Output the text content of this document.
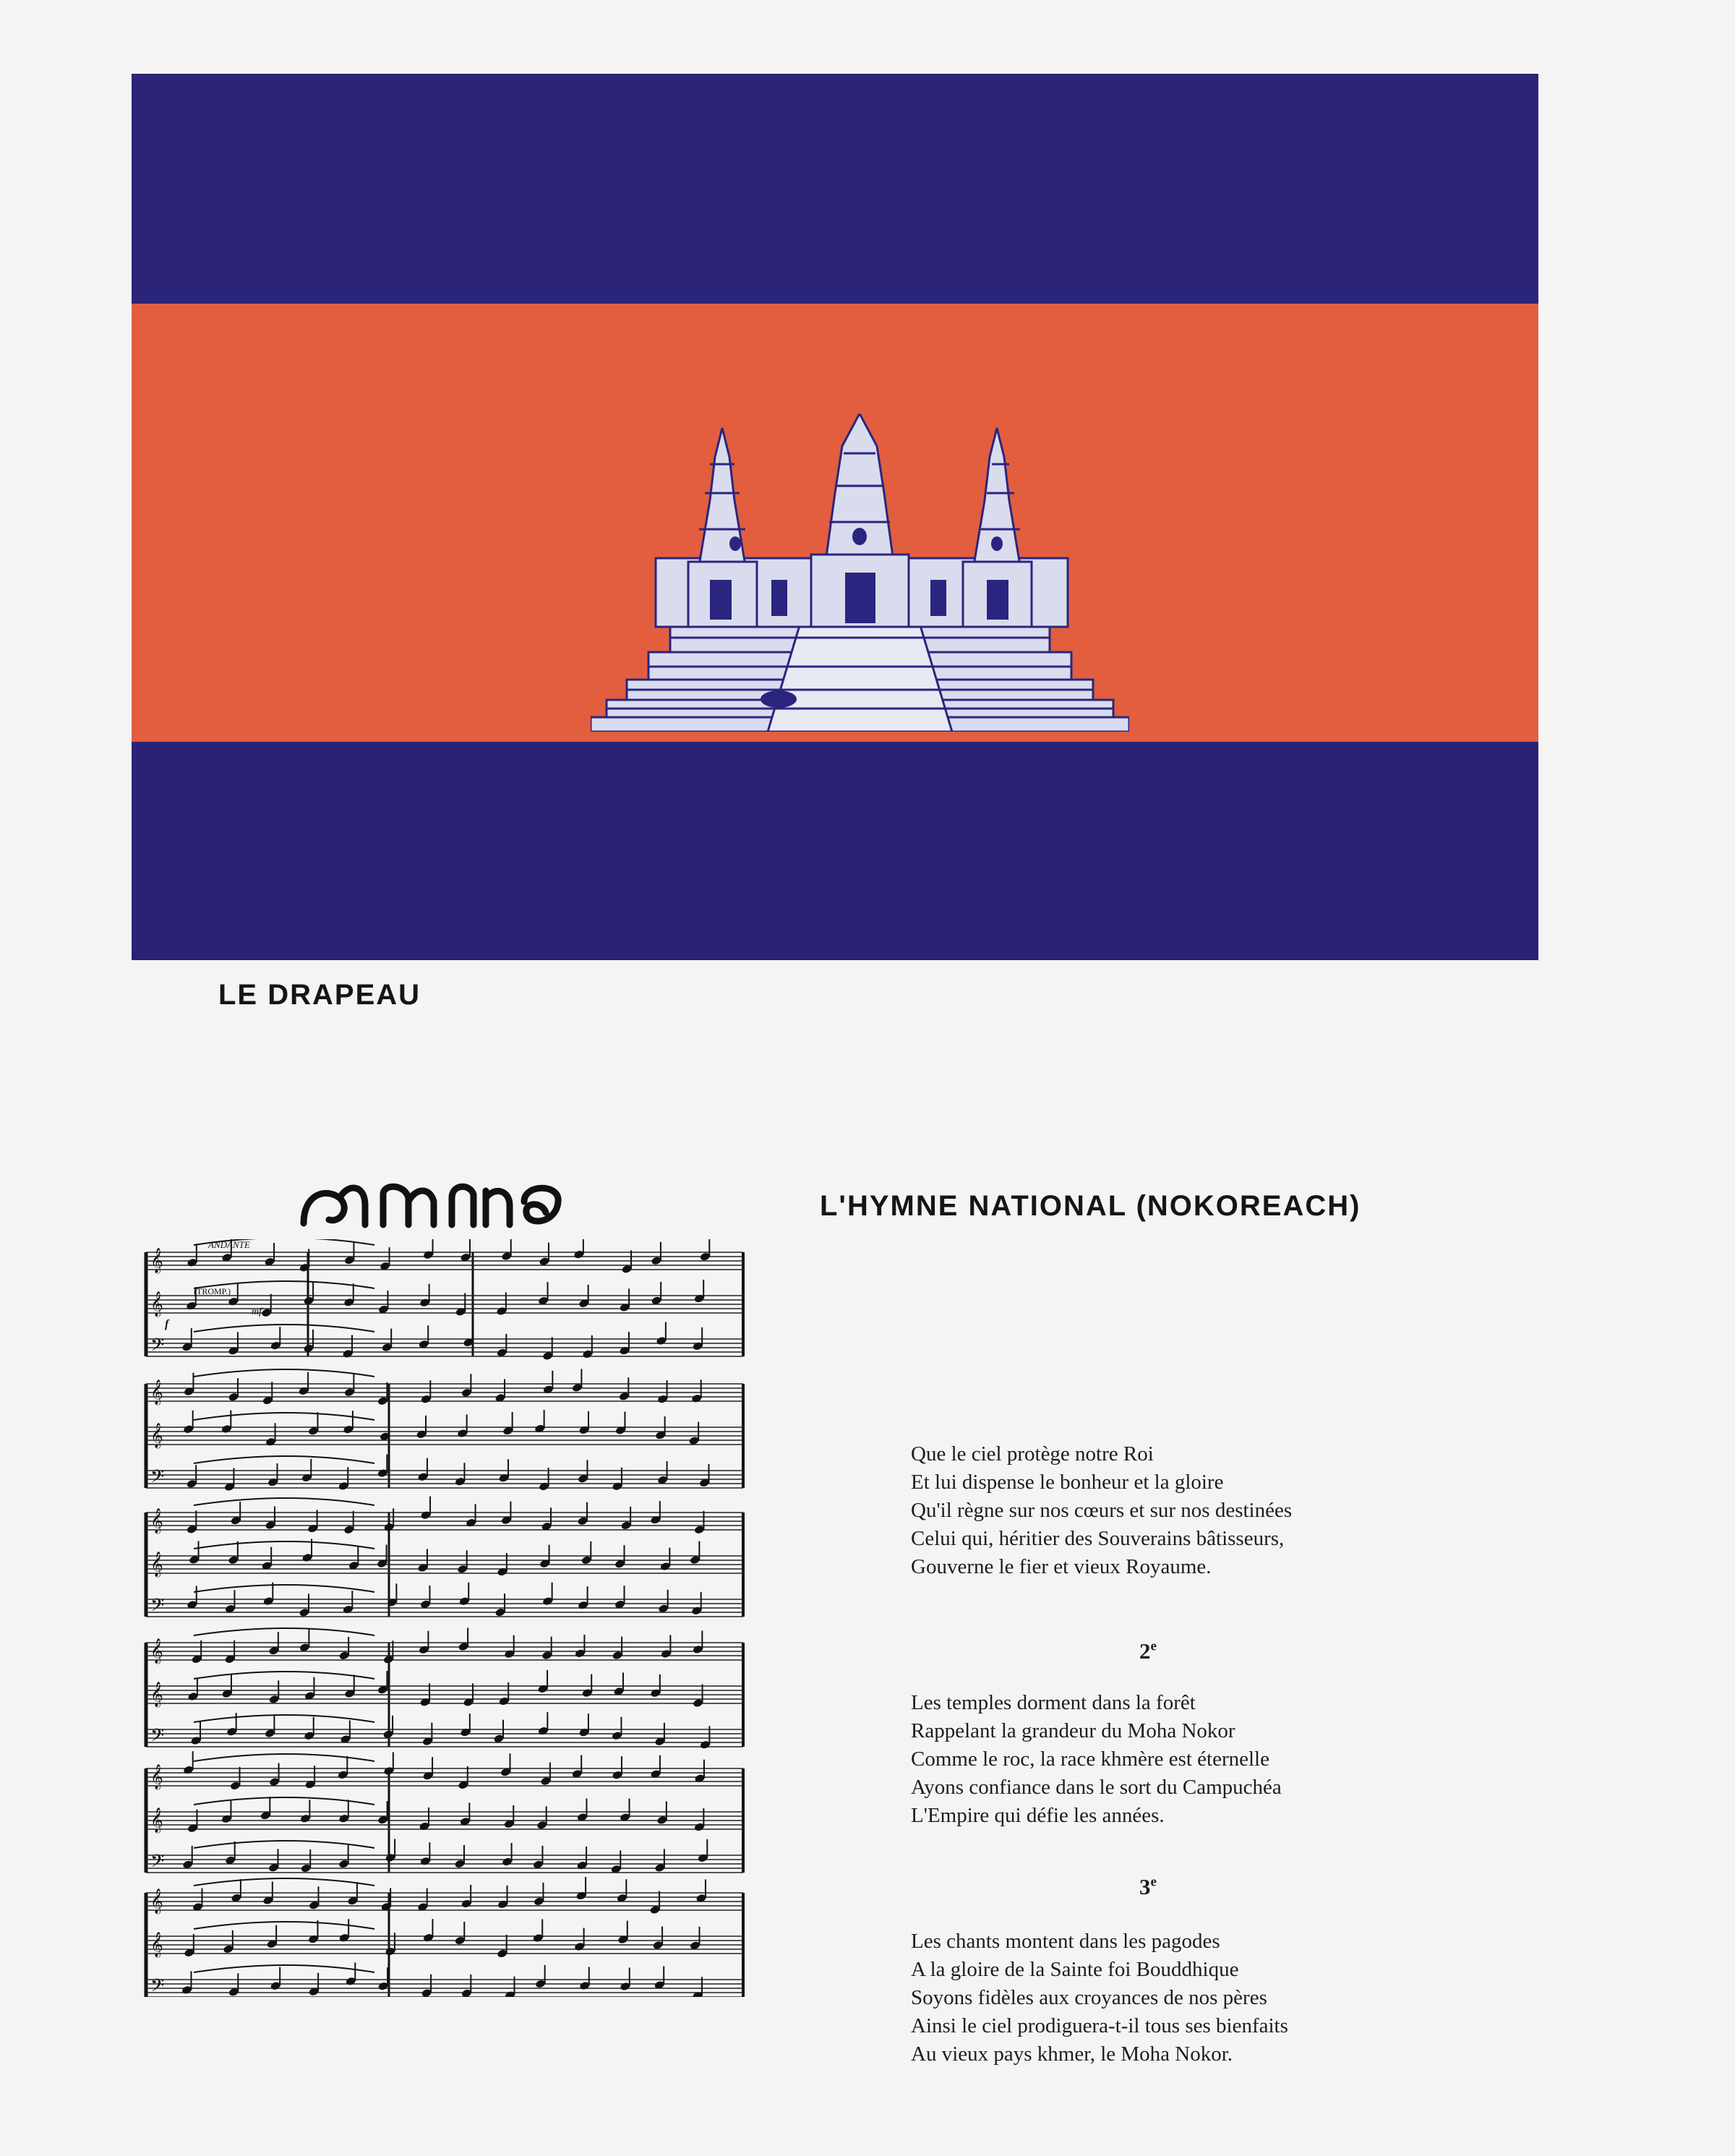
LE DRAPEAU
𝄞
𝄞
𝄢
ANDANTE
(TROMP.)
f
mf
𝄞
𝄞
𝄢
𝄞
𝄞
𝄢
𝄞
𝄞
𝄢
𝄞
𝄞
𝄢
𝄞
𝄞
𝄢
L'HYMNE NATIONAL (NOKOREACH)
Que le ciel protège notre Roi
Et lui dispense le bonheur et la gloire
Qu'il règne sur nos cœurs et sur nos destinées
Celui qui, héritier des Souverains bâtisseurs,
Gouverne le fier et vieux Royaume.
2e
Les temples dorment dans la forêt
Rappelant la grandeur du Moha Nokor
Comme le roc, la race khmère est éternelle
Ayons confiance dans le sort du Campuchéa
L'Empire qui défie les années.
3e
Les chants montent dans les pagodes
A la gloire de la Sainte foi Bouddhique
Soyons fidèles aux croyances de nos pères
Ainsi le ciel prodiguera-t-il tous ses bienfaits
Au vieux pays khmer, le Moha Nokor.
